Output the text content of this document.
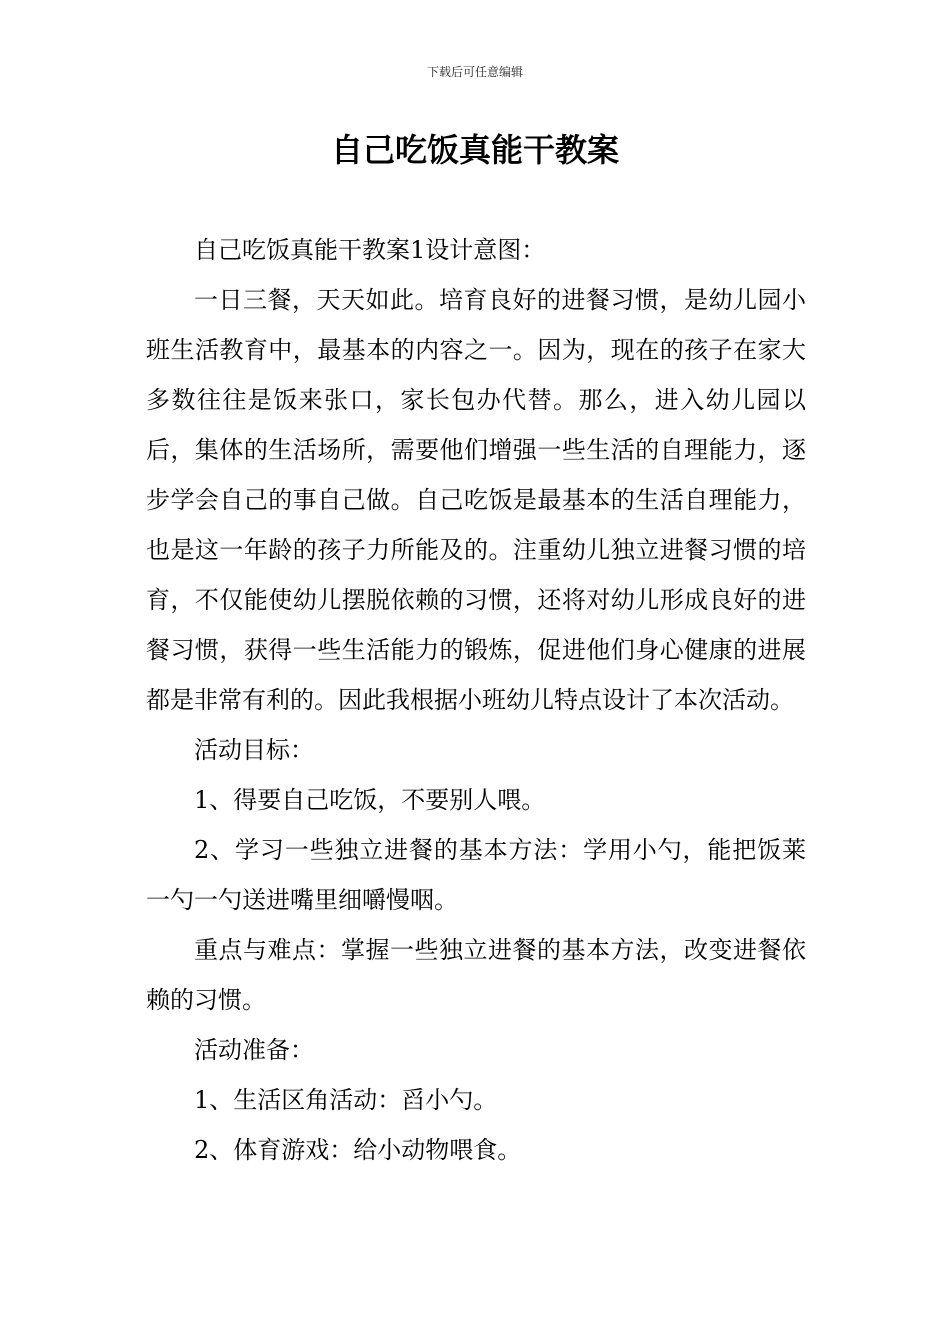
下载后可任意编辑
自己吃饭真能干教案

自己吃饭真能干教案1设计意图：

一日三餐，天天如此。培育良好的进餐习惯，是幼儿园小班生活教育中，最基本的内容之一。因为，现在的孩子在家大多数往往是饭来张口，家长包办代替。那么，进入幼儿园以后，集体的生活场所，需要他们增强一些生活的自理能力，逐步学会自己的事自己做。自己吃饭是最基本的生活自理能力，也是这一年龄的孩子力所能及的。注重幼儿独立进餐习惯的培育，不仅能使幼儿摆脱依赖的习惯，还将对幼儿形成良好的进餐习惯，获得一些生活能力的锻炼，促进他们身心健康的进展都是非常有利的。因此我根据小班幼儿特点设计了本次活动。

活动目标：

1、得要自己吃饭，不要别人喂。

2、学习一些独立进餐的基本方法：学用小勺，能把饭莱一勺一勺送进嘴里细嚼慢咽。

重点与难点：掌握一些独立进餐的基本方法，改变进餐依赖的习惯。

活动准备：

1、生活区角活动：舀小勺。

2、体育游戏：给小动物喂食。
